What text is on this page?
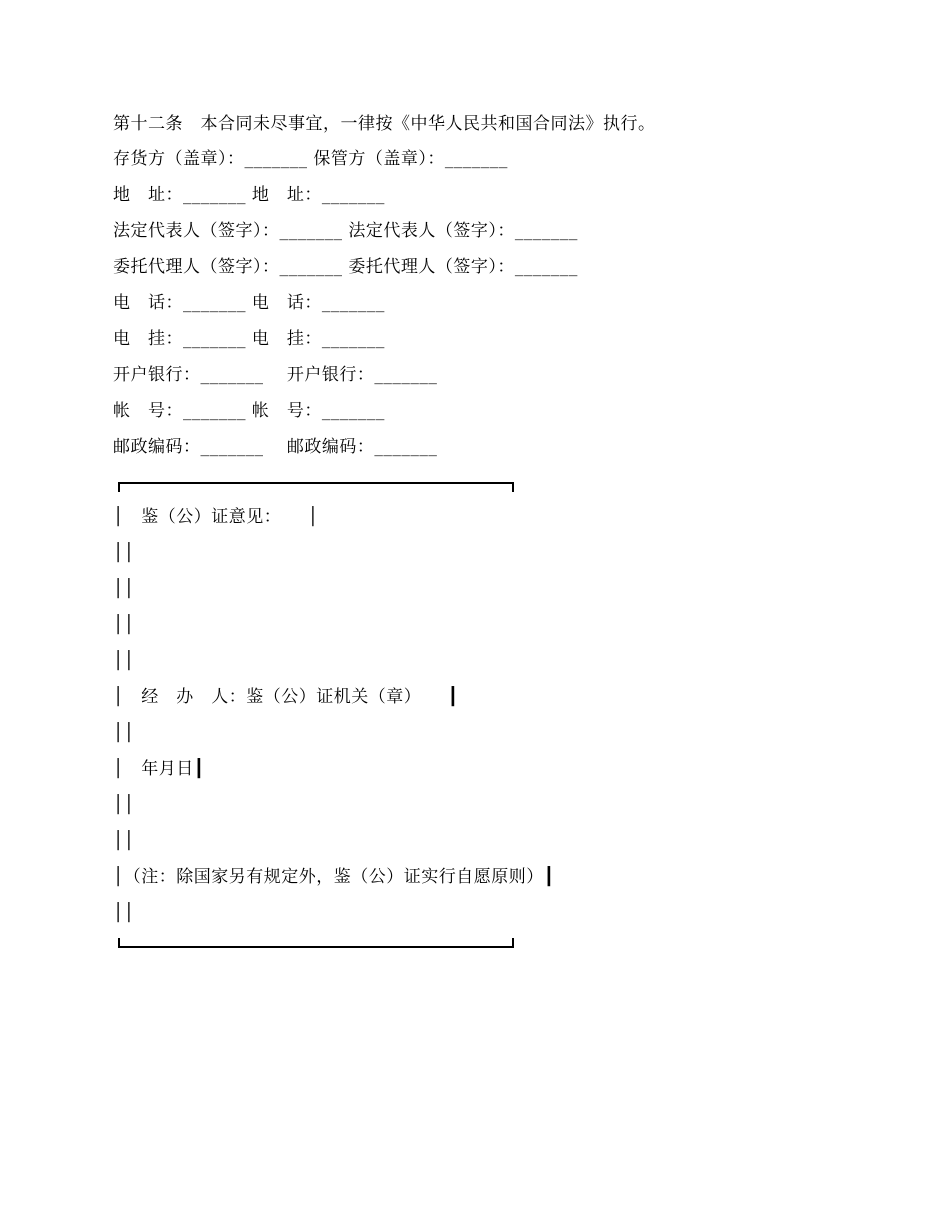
第十二条　本合同未尽事宜，一律按《中华人民共和国合同法》执行。
存货方（盖章）：_______ 保管方（盖章）：_______
地　址：_______ 地　址：_______
法定代表人（签字）：_______ 法定代表人（签字）：_______
委托代理人（签字）：_______ 委托代理人（签字）：_______
电　话：_______ 电　话：_______
电　挂：_______ 电　挂：_______
开户银行：_______　 开户银行：_______
帐　号：_______ 帐　号：_______
邮政编码：_______　 邮政编码：_______
│　鉴（公）证意见：　　│
││
││
││
││
│　经　办　人：鉴（公）证机关（章）　　┃
││
│　年月日┃
││
││
│（注：除国家另有规定外，鉴（公）证实行自愿原则）┃
││
